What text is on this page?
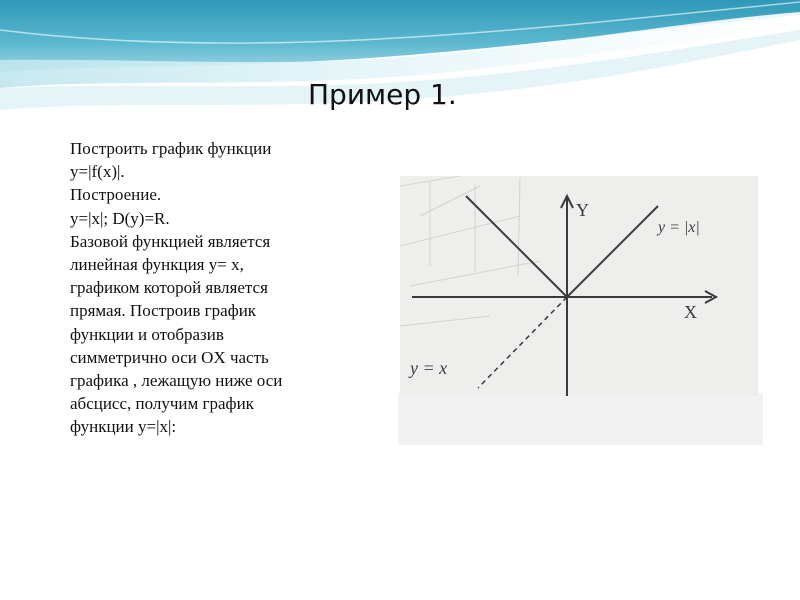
Пример 1.
Построить график функции
y=|f(x)|.
Построение.
y=|x|; D(y)=R.
Базовой функцией является
линейная функция y= x,
графиком которой является
прямая. Построив график
функции и отобразив
симметрично оси OX часть
графика , лежащую ниже оси
абсцисс, получим график
функции y=|x|:
Y
X
y = |x|
y = x
